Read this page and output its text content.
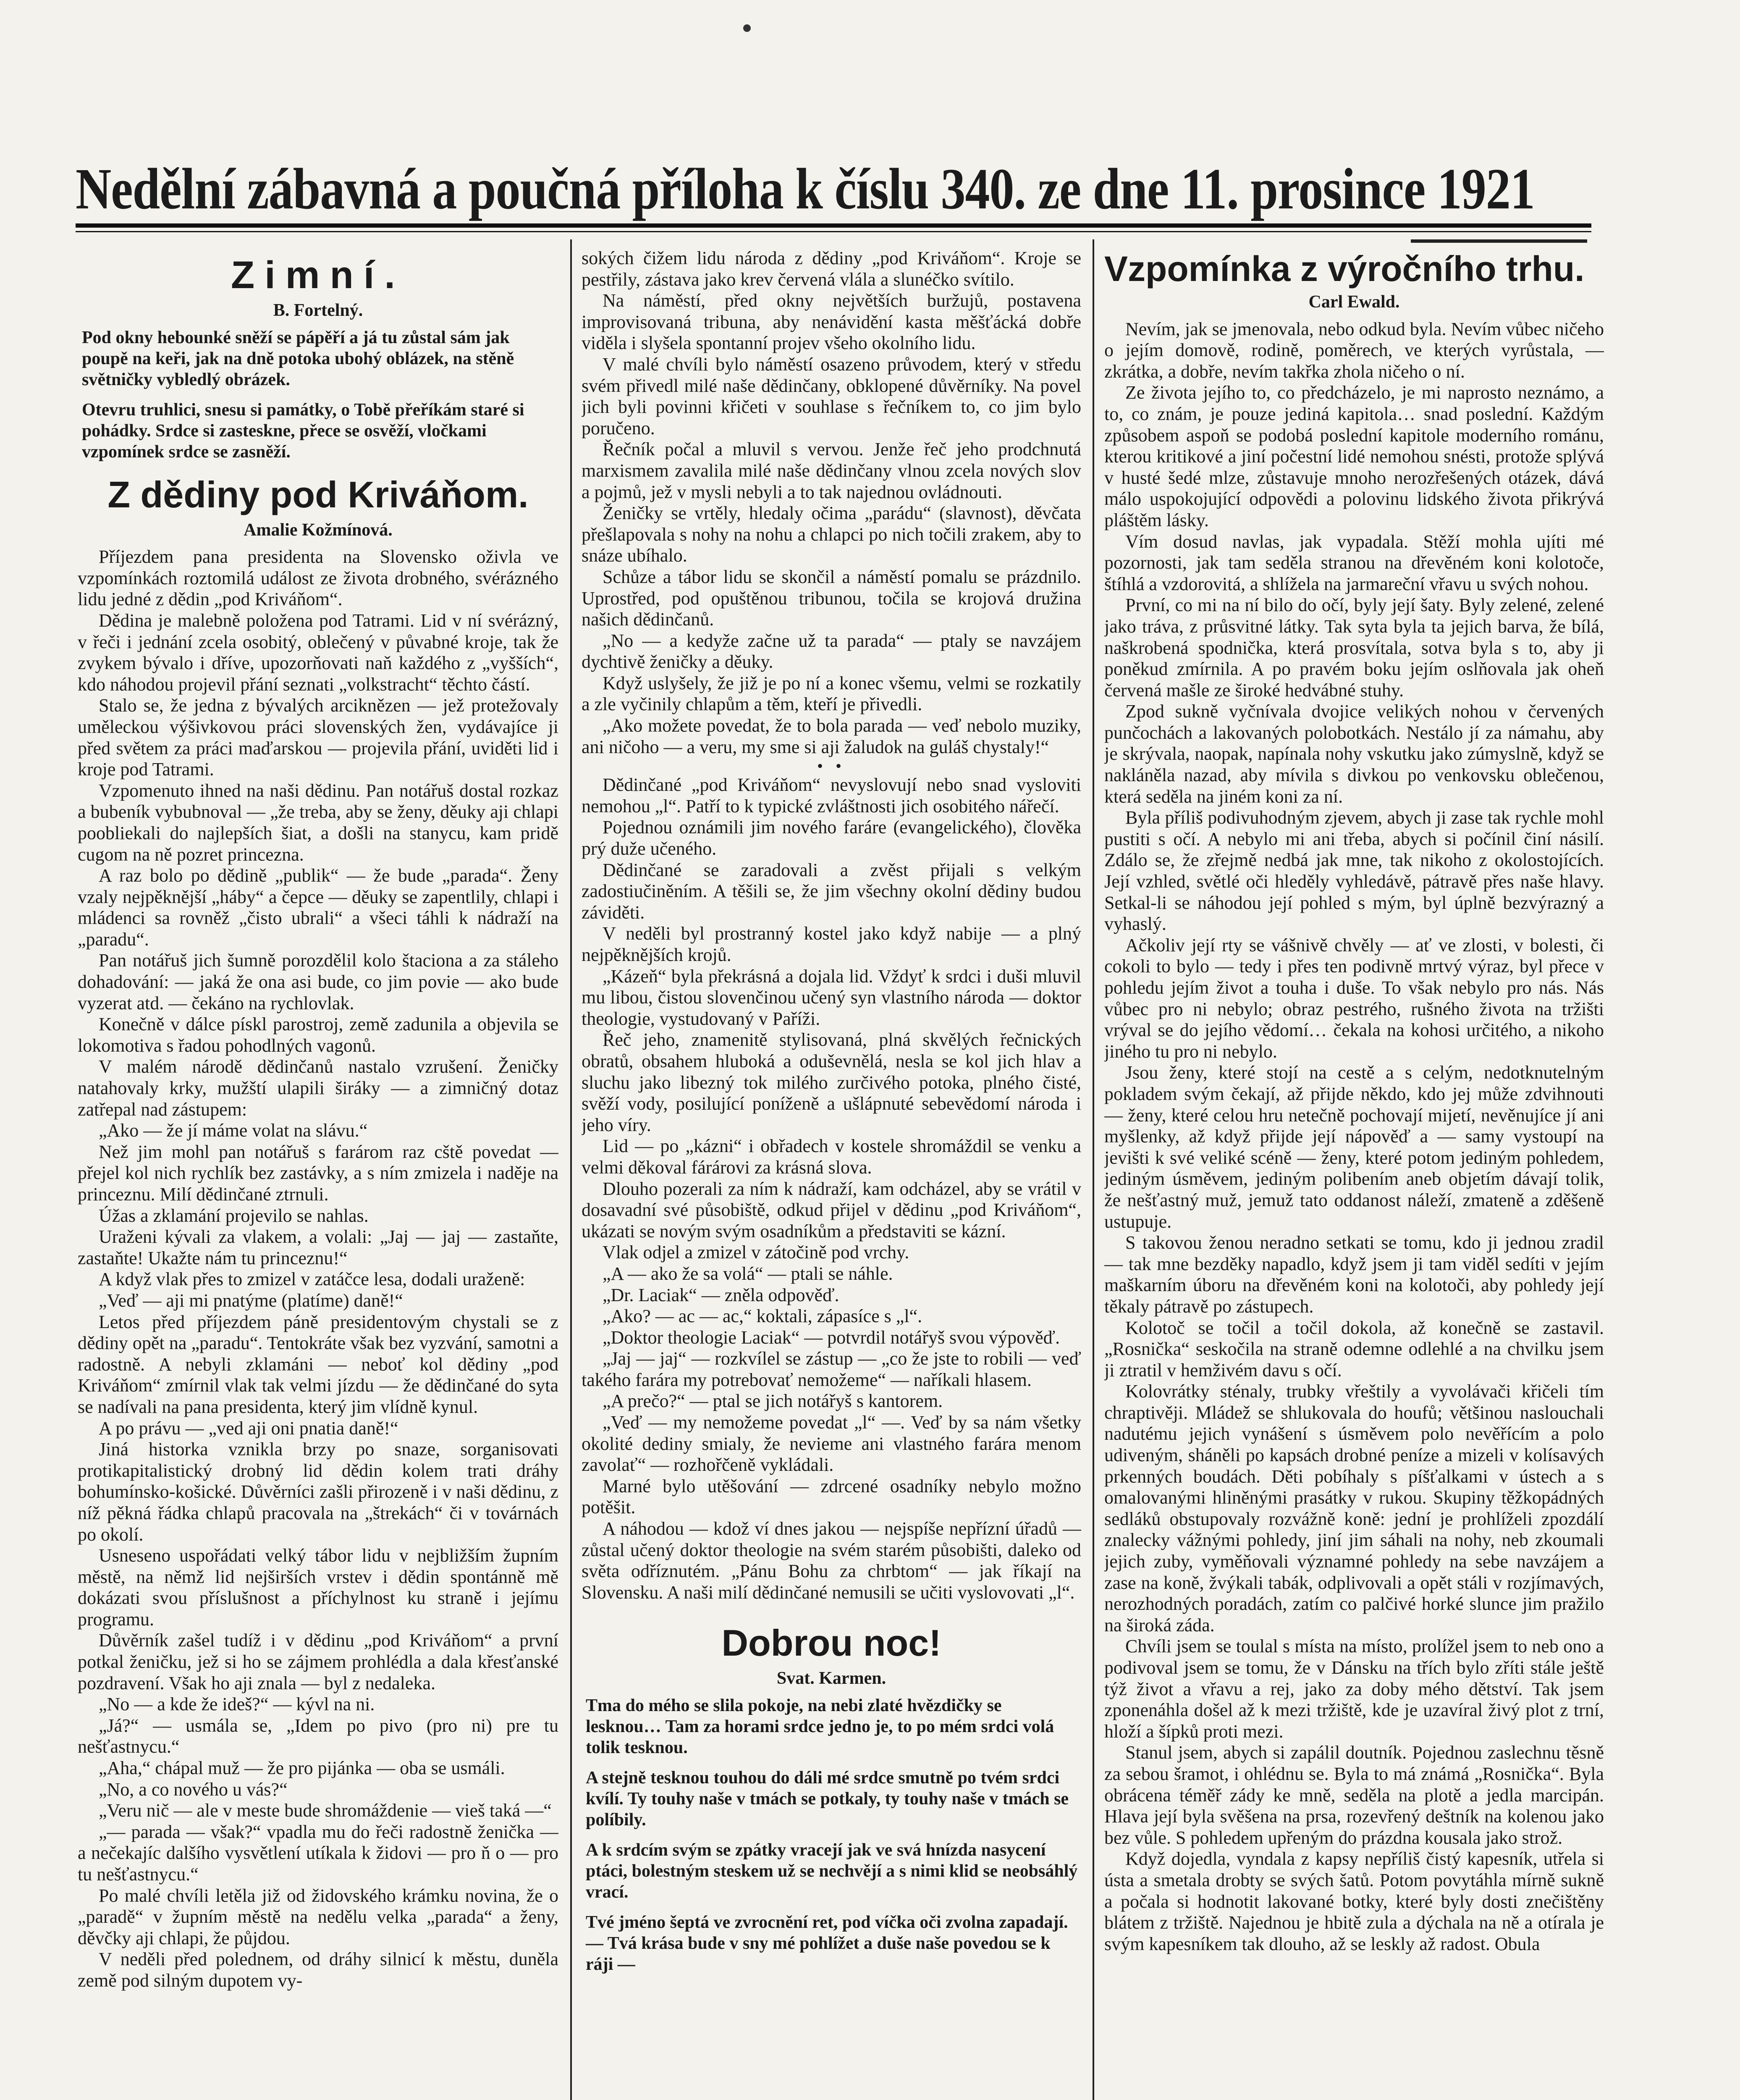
Nedělní zábavná a poučná příloha k číslu 340. ze dne 11. prosince 1921
Zimní.
B. Fortelný.

Pod okny hebounké sněží se pápěří a já tu zůstal sám jak poupě na keři, jak na dně potoka ubohý oblázek, na stěně světničky vybledlý obrázek.

Otevru truhlici, snesu si památky, o Tobě přeříkám staré si pohádky. Srdce si zasteskne, přece se osvěží, vločkami vzpomínek srdce se zasněží.

Z dědiny pod Kriváňom.
Amalie Kožmínová.

Příjezdem pana presidenta na Slovensko oživla ve vzpomínkách roztomilá událost ze života drobného, svérázného lidu jedné z dědin „pod Kriváňom“.

Dědina je malebně položena pod Tatrami. Lid v ní svérázný, v řeči i jednání zcela osobitý, oblečený v půvabné kroje, tak že zvykem bývalo i dříve, upozorňovati naň každého z „vyšších“, kdo náhodou projevil přání seznati „volkstracht“ těchto částí.

Stalo se, že jedna z bývalých arciknězen — jež protežovaly uměleckou výšivkovou práci slovenských žen, vydávajíce ji před světem za práci maďarskou — projevila přání, uviděti lid i kroje pod Tatrami.

Vzpomenuto ihned na naši dědinu. Pan notářuš dostal rozkaz a bubeník vybubnoval — „že treba, aby se ženy, děuky aji chlapi poobliekali do najlepších šiat, a došli na stanycu, kam pridě cugom na ně pozret princezna.

A raz bolo po dědině „publik“ — že bude „parada“. Ženy vzaly nejpěknější „háby“ a čepce — děuky se zapentlily, chlapi i mládenci sa rovněž „čisto ubrali“ a všeci táhli k nádraží na „paradu“.

Pan notářuš jich šumně porozdělil kolo štaciona a za stáleho dohadování: — jaká že ona asi bude, co jim povie — ako bude vyzerat atd. — čekáno na rychlovlak.

Konečně v dálce pískl parostroj, země zadunila a objevila se lokomotiva s řadou pohodlných vagonů.

V malém národě dědinčanů nastalo vzrušení. Ženičky natahovaly krky, mužští ulapili širáky — a zimničný dotaz zatřepal nad zástupem:

„Ako — že jí máme volat na slávu.“

Než jim mohl pan notářuš s farárom raz cště povedat — přejel kol nich rychlík bez zastávky, a s ním zmizela i naděje na princeznu. Milí dědinčané ztrnuli.

Úžas a zklamání projevilo se nahlas.

Uraženi kývali za vlakem, a volali: „Jaj — jaj — zastaňte, zastaňte! Ukažte nám tu princeznu!“

A když vlak přes to zmizel v zatáčce lesa, dodali uraženě:

„Veď — aji mi pnatýme (platíme) daně!“

Letos před příjezdem páně presidentovým chystali se z dědiny opět na „paradu“. Tentokráte však bez vyzvání, samotni a radostně. A nebyli zklamáni — neboť kol dědiny „pod Kriváňom“ zmírnil vlak tak velmi jízdu — že dědinčané do syta se nadívali na pana presidenta, který jim vlídně kynul.

A po právu — „ved aji oni pnatia daně!“

Jiná historka vznikla brzy po snaze, sorganisovati protikapitalistický drobný lid dědin kolem trati dráhy bohumínsko-košické. Důvěrníci zašli přirozeně i v naši dědinu, z níž pěkná řádka chlapů pracovala na „štrekách“ či v továrnách po okolí.

Usneseno uspořádati velký tábor lidu v nejbližším župním městě, na němž lid nejširších vrstev i dědin spontánně mě dokázati svou příslušnost a příchylnost ku straně i jejímu programu.

Důvěrník zašel tudíž i v dědinu „pod Kriváňom“ a první potkal ženičku, jež si ho se zájmem prohlédla a dala křesťanské pozdravení. Však ho aji znala — byl z nedaleka.

„No — a kde že ideš?“ — kývl na ni.

„Já?“ — usmála se, „Idem po pivo (pro ni) pre tu nešťastnycu.“

„Aha,“ chápal muž — že pro pijánka — oba se usmáli.

„No, a co nového u vás?“

„Veru nič — ale v meste bude shromáždenie — vieš taká —“

„— parada — však?“ vpadla mu do řeči radostně ženička — a nečekajíc dalšího vysvětlení utíkala k židovi — pro ň o — pro tu nešťastnycu.“

Po malé chvíli letěla již od židovského krámku novina, že o „paradě“ v župním městě na nedělu velka „parada“ a ženy, děvčky aji chlapi, že půjdou.

V neděli před polednem, od dráhy silnicí k městu, duněla země pod silným dupotem vy-

sokých čižem lidu národa z dědiny „pod Kriváňom“. Kroje se pestřily, zástava jako krev červená vlála a slunéčko svítilo.

Na náměstí, před okny největších buržujů, postavena improvisovaná tribuna, aby nenávidění kasta měšťácká dobře viděla i slyšela spontanní projev všeho okolního lidu.

V malé chvíli bylo náměstí osazeno průvodem, který v středu svém přivedl milé naše dědinčany, obklopené důvěrníky. Na povel jich byli povinni křičeti v souhlase s řečníkem to, co jim bylo poručeno.

Řečník počal a mluvil s vervou. Jenže řeč jeho prodchnutá marxismem zavalila milé naše dědinčany vlnou zcela nových slov a pojmů, jež v mysli nebyli a to tak najednou ovládnouti.

Ženičky se vrtěly, hledaly očima „parádu“ (slavnost), děvčata přešlapovala s nohy na nohu a chlapci po nich točili zrakem, aby to snáze ubíhalo.

Schůze a tábor lidu se skončil a náměstí pomalu se prázdnilo. Uprostřed, pod opuštěnou tribunou, točila se krojová družina našich dědinčanů.

„No — a kedyže začne už ta parada“ — ptaly se navzájem dychtivě ženičky a děuky.

Když uslyšely, že již je po ní a konec všemu, velmi se rozkatily a zle vyčinily chlapům a těm, kteří je přivedli.

„Ako možete povedat, že to bola parada — veď nebolo muziky, ani ničoho — a veru, my sme si aji žaludok na guláš chystaly!“

• •

Dědinčané „pod Kriváňom“ nevyslovují nebo snad vysloviti nemohou „l“. Patří to k typické zvláštnosti jich osobitého nářečí.

Pojednou oznámili jim nového faráre (evangelického), člověka prý duže učeného.

Dědinčané se zaradovali a zvěst přijali s velkým zadostiučiněním. A těšili se, že jim všechny okolní dědiny budou záviděti.

V neděli byl prostranný kostel jako když nabije — a plný nejpěknějších krojů.

„Kázeň“ byla překrásná a dojala lid. Vždyť k srdci i duši mluvil mu libou, čistou slovenčinou učený syn vlastního národa — doktor theologie, vystudovaný v Paříži.

Řeč jeho, znamenitě stylisovaná, plná skvělých řečnických obratů, obsahem hluboká a oduševnělá, nesla se kol jich hlav a sluchu jako libezný tok milého zurčivého potoka, plného čisté, svěží vody, posilující poníženě a ušlápnuté sebevědomí národa i jeho víry.

Lid — po „kázni“ i obřadech v kostele shromáždil se venku a velmi děkoval fárárovi za krásná slova.

Dlouho pozerali za ním k nádraží, kam odcházel, aby se vrátil v dosavadní své působiště, odkud přijel v dědinu „pod Kriváňom“, ukázati se novým svým osadníkům a představiti se kázní.

Vlak odjel a zmizel v zátočině pod vrchy.

„A — ako že sa volá“ — ptali se náhle.

„Dr. Laciak“ — zněla odpověď.

„Ako? — ac — ac,“ koktali, zápasíce s „l“.

„Doktor theologie Laciak“ — potvrdil notářyš svou výpověď.

„Jaj — jaj“ — rozkvílel se zástup — „co že jste to robili — veď takého farára my potrebovať nemožeme“ — naříkali hlasem.

„A prečo?“ — ptal se jich notářyš s kantorem.

„Veď — my nemožeme povedat „l“ —. Veď by sa nám všetky okolité dediny smialy, že nevieme ani vlastného farára menom zavolať“ — rozhořčeně vykládali.

Marné bylo utěšování — zdrcené osadníky nebylo možno potěšit.

A náhodou — kdož ví dnes jakou — nejspíše nepřízní úřadů — zůstal učený doktor theologie na svém starém působišti, daleko od světa odříznutém. „Pánu Bohu za chrbtom“ — jak říkají na Slovensku. A naši milí dědinčané nemusili se učiti vyslovovati „l“.

Dobrou noc!
Svat. Karmen.

Tma do mého se slila pokoje, na nebi zlaté hvězdičky se lesknou… Tam za horami srdce jedno je, to po mém srdci volá tolik tesknou.

A stejně tesknou touhou do dáli mé srdce smutně po tvém srdci kvílí. Ty touhy naše v tmách se potkaly, ty touhy naše v tmách se políbily.

A k srdcím svým se zpátky vracejí jak ve svá hnízda nasycení ptáci, bolestným steskem už se nechvějí a s nimi klid se neobsáhlý vrací.

Tvé jméno šeptá ve zvrocnění ret, pod víčka oči zvolna zapadají. — Tvá krása bude v sny mé pohlížet a duše naše povedou se k ráji —

Vzpomínka z výročního trhu.
Carl Ewald.

Nevím, jak se jmenovala, nebo odkud byla. Nevím vůbec ničeho o jejím domově, rodině, poměrech, ve kterých vyrůstala, — zkrátka, a dobře, nevím takřka zhola ničeho o ní.

Ze života jejího to, co předcházelo, je mi naprosto neznámo, a to, co znám, je pouze jediná kapitola… snad poslední. Každým způsobem aspoň se podobá poslední kapitole moderního románu, kterou kritikové a jiní počestní lidé nemohou snésti, protože splývá v husté šedé mlze, zůstavuje mnoho nerozřešených otázek, dává málo uspokojující odpovědi a polovinu lidského života přikrývá pláštěm lásky.

Vím dosud navlas, jak vypadala. Stěží mohla ujíti mé pozornosti, jak tam seděla stranou na dřevěném koni kolotoče, štíhlá a vzdorovitá, a shlížela na jarmareční vřavu u svých nohou.

První, co mi na ní bilo do očí, byly její šaty. Byly zelené, zelené jako tráva, z průsvitné látky. Tak syta byla ta jejich barva, že bílá, naškrobená spodnička, která prosvítala, sotva byla s to, aby ji poněkud zmírnila. A po pravém boku jejím oslňovala jak oheň červená mašle ze široké hedvábné stuhy.

Zpod sukně vyčnívala dvojice velikých nohou v červených punčochách a lakovaných polobotkách. Nestálo jí za námahu, aby je skrývala, naopak, napínala nohy vskutku jako zúmyslně, když se nakláněla nazad, aby mívila s divkou po venkovsku oblečenou, která seděla na jiném koni za ní.

Byla příliš podivuhodným zjevem, abych ji zase tak rychle mohl pustiti s očí. A nebylo mi ani třeba, abych si počínil činí násilí. Zdálo se, že zřejmě nedbá jak mne, tak nikoho z okolostojících. Její vzhled, světlé oči hleděly vyhledávě, pátravě přes naše hlavy. Setkal-li se náhodou její pohled s mým, byl úplně bezvýrazný a vyhaslý.

Ačkoliv její rty se vášnivě chvěly — ať ve zlosti, v bolesti, či cokoli to bylo — tedy i přes ten podivně mrtvý výraz, byl přece v pohledu jejím život a touha i duše. To však nebylo pro nás. Nás vůbec pro ni nebylo; obraz pestrého, rušného života na tržišti vrýval se do jejího vědomí… čekala na kohosi určitého, a nikoho jiného tu pro ni nebylo.

Jsou ženy, které stojí na cestě a s celým, nedotknutelným pokladem svým čekají, až přijde někdo, kdo jej může zdvihnouti — ženy, které celou hru netečně pochovají mijetí, nevěnujíce jí ani myšlenky, až když přijde její nápověď a — samy vystoupí na jevišti k své veliké scéně — ženy, které potom jediným pohledem, jediným úsměvem, jediným polibením aneb objetím dávají tolik, že nešťastný muž, jemuž tato oddanost náleží, zmateně a zděšeně ustupuje.

S takovou ženou neradno setkati se tomu, kdo ji jednou zradil — tak mne bezděky napadlo, když jsem ji tam viděl sedíti v jejím maškarním úboru na dřevěném koni na kolotoči, aby pohledy její těkaly pátravě po zástupech.

Kolotoč se točil a točil dokola, až konečně se zastavil. „Rosnička“ seskočila na straně odemne odlehlé a na chvilku jsem ji ztratil v hemživém davu s očí.

Kolovrátky sténaly, trubky vřeštily a vyvolávači křičeli tím chraptivěji. Mládež se shlukovala do houfů; většinou naslouchali nadutému jejich vynášení s úsměvem polo nevěřícím a polo udiveným, sháněli po kapsách drobné peníze a mizeli v kolísavých prkenných boudách. Děti pobíhaly s píšťalkami v ústech a s omalovanými hliněnými prasátky v rukou. Skupiny těžkopádných sedláků obstupovaly rozvážně koně: jední je prohlíželi zpozdálí znalecky vážnými pohledy, jiní jim sáhali na nohy, neb zkoumali jejich zuby, vyměňovali významné pohledy na sebe navzájem a zase na koně, žvýkali tabák, odplivovali a opět stáli v rozjímavých, nerozhodných poradách, zatím co palčivé horké slunce jim pražilo na široká záda.

Chvíli jsem se toulal s místa na místo, prolížel jsem to neb ono a podivoval jsem se tomu, že v Dánsku na třích bylo zříti stále ještě týž život a vřavu a rej, jako za doby mého dětství. Tak jsem zponenáhla došel až k mezi tržiště, kde je uzavíral živý plot z trní, hloží a šípků proti mezi.

Stanul jsem, abych si zapálil doutník. Pojednou zaslechnu těsně za sebou šramot, i ohlédnu se. Byla to má známá „Rosnička“. Byla obrácena téměř zády ke mně, seděla na plotě a jedla marcipán. Hlava její byla svěšena na prsa, rozevřený deštník na kolenou jako bez vůle. S pohledem upřeným do prázdna kousala jako strož.

Když dojedla, vyndala z kapsy nepříliš čistý kapesník, utřela si ústa a smetala drobty se svých šatů. Potom povytáhla mírně sukně a počala si hodnotit lakované botky, které byly dosti znečištěny blátem z tržiště. Najednou je hbitě zula a dýchala na ně a otírala je svým kapesníkem tak dlouho, až se leskly až radost. Obula
